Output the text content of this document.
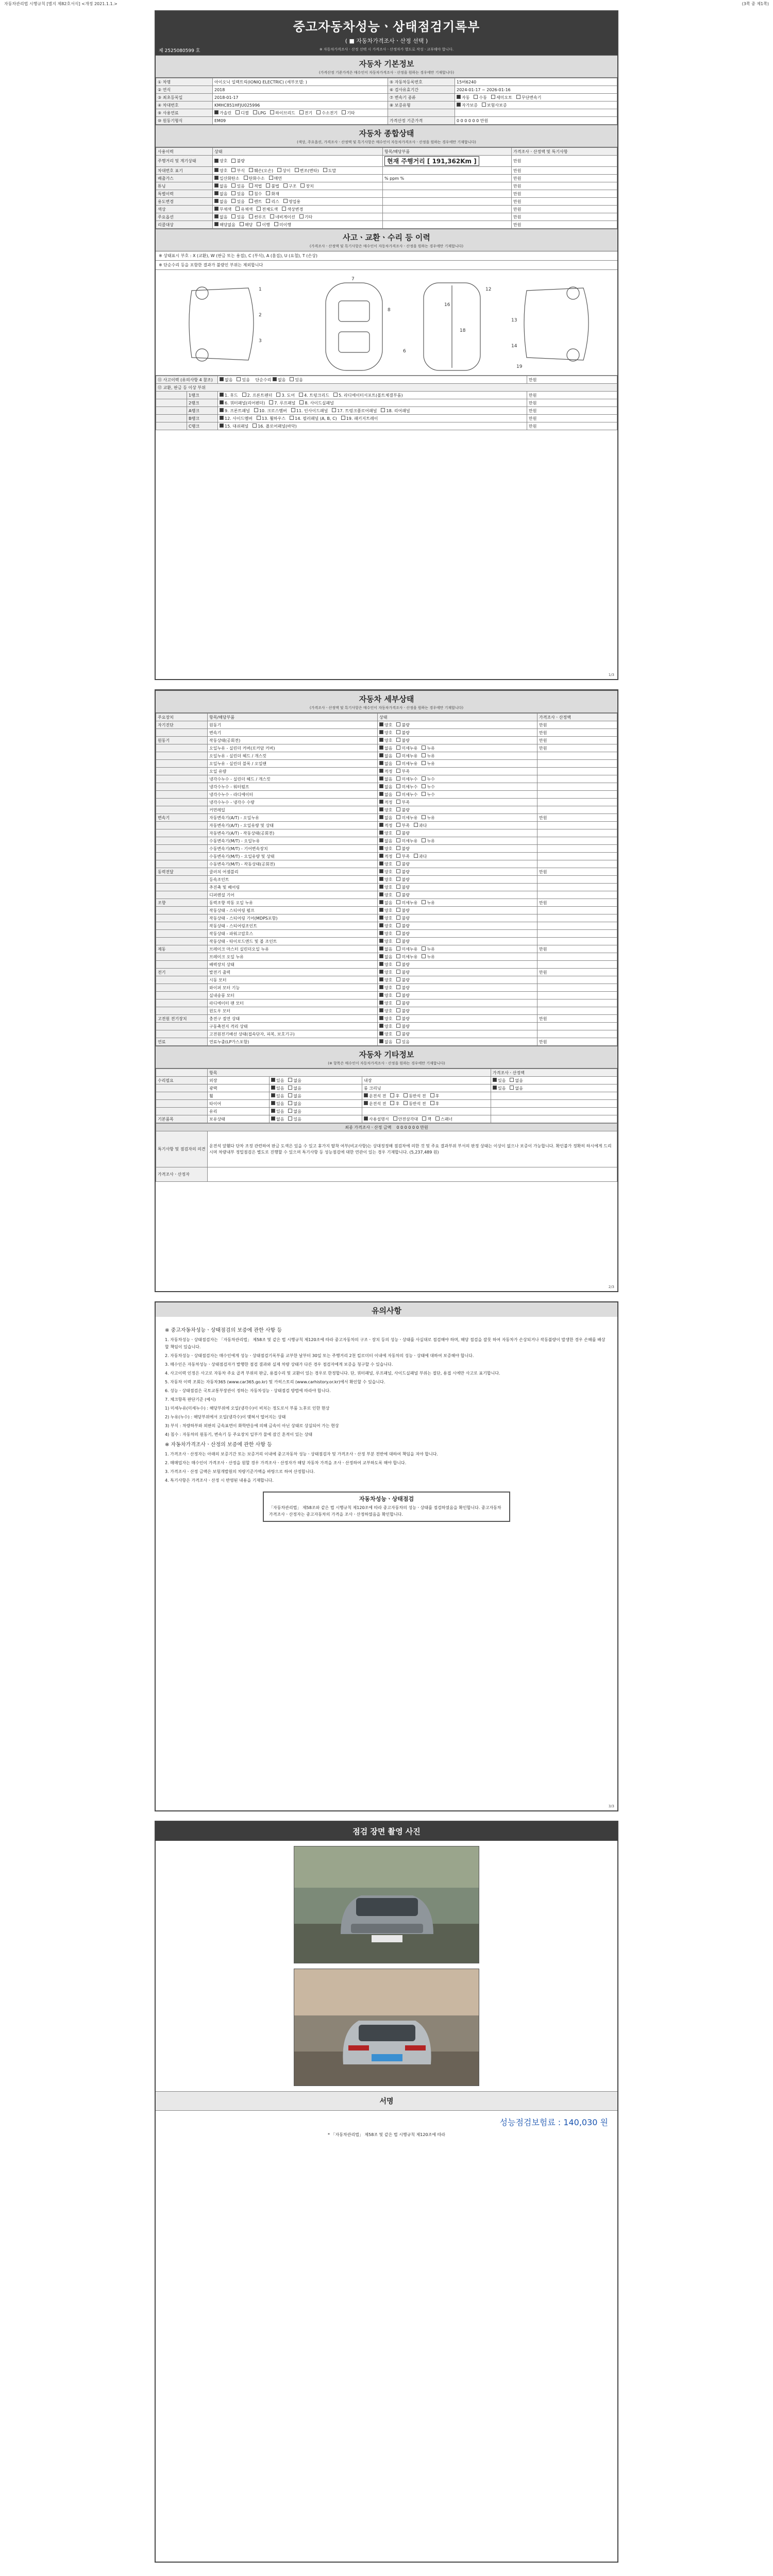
자동차관리법 시행규칙 [별지 제82호서식] <개정 2021.1.1.>	(3쪽 중 제1쪽)
중고자동차성능ㆍ상태점검기록부
( ■ 자동차가격조사ㆍ산정 선택 )
※ 자동차가격조사ㆍ산정 선택 시 가격조사ㆍ산정자가 별도로 작성ㆍ교부해야 합니다.
제 2525080599 호
자동차 기본정보
(가격산정 기준가격은 매수인이 자동차가격조사ㆍ산정을 원하는 경우에만 기재합니다)
① 차명	아이오닉 일렉트릭(IONIQ ELECTRIC) (세부모델: )	⑤ 자동차등록번호	15버6240
② 연식	2018	⑥ 검사유효기간	2024-01-17 ~ 2026-01-16
③ 최초등록일	2018-01-17	⑦ 변속기 종류	자동 수동 세미오토 무단변속기
④ 차대번호	KMHC851HFJU025996	⑧ 보증유형	자가보증 보험사보증
⑨ 사용연료	가솔린 디젤 LPG 하이브리드 전기 수소전기 기타		
⑩ 원동기형식	EM09	가격산정 기준가격	0 0 0 0 0 0 만원
자동차 종합상태
(색상, 주요옵션, 가격조사ㆍ산정액 및 특기사항은 매수인이 자동차가격조사ㆍ산정을 원하는 경우에만 기재합니다)
사용이력	상태	항목/해당부품	가격조사ㆍ산정액 및 특기사항
주행거리 및 계기상태	양호 불량	현재 주행거리 [ 191,362Km ]	만원
차대번호 표기	양호 부식 훼손(오손) 상이 변조(변타) 도말		만원
배출가스	일산화탄소 탄화수소 매연	% ppm %	만원
튜닝	없음 있음 적법 불법 구조 장치		만원
특별이력	없음 있음 침수 화재		만원
용도변경	없음 있음 렌트 리스 영업용		만원
색상	무채색 유채색 전체도색 색상변경		만원
주요옵션	없음 있음 썬루프 네비게이션 기타		만원
리콜대상	해당없음 해당 이행 미이행		만원
사고ㆍ교환ㆍ수리 등 이력
(가격조사ㆍ산정액 및 특기사항은 매수인이 자동차가격조사ㆍ산정을 원하는 경우에만 기재합니다)
※ 상태표시 부호 : X (교환), W (판금 또는 용접), C (부식), A (흠집), U (요철), T (손상)
※ 단순수리 등을 포함한 결과가 불량인 부위는 제외합니다
1
2
3
7
8
6
16
18
12
13
14
19
⑪ 사고이력 (유의사항 4 참조)		없음 있음 단순수리 없음 있음	만원
⑫ 교환, 판금 등 이상 부위			
	1랭크	1. 후드 2. 프론트펜더 3. 도어 4. 트렁크리드 5. 라디에이터서포트(볼트체결부품)	만원
	2랭크	6. 쿼터패널(리어펜더) 7. 루프패널 8. 사이드실패널	만원
	A랭크	9. 프론트패널 10. 크로스멤버 11. 인사이드패널 17. 트렁크플로어패널 18. 리어패널	만원
	B랭크	12. 사이드멤버 13. 휠하우스 14. 필러패널 (A, B, C) 19. 패키지트레이	만원
	C랭크	15. 대쉬패널 16. 플로어패널(바닥)	만원
1/3
자동차 세부상태
(가격조사ㆍ산정액 및 특기사항은 매수인이 자동차가격조사ㆍ산정을 원하는 경우에만 기재합니다)
주요장치	항목/해당부품	상태	가격조사ㆍ산정액
자기진단	원동기	양호 불량	만원
	변속기	양호 불량	만원
원동기	작동상태(공회전)	양호 불량	만원
	오일누유 - 실린더 커버(로커암 커버)	없음 미세누유 누유	만원
	오일누유 - 실린더 헤드 / 개스킷	없음 미세누유 누유	
	오일누유 - 실린더 블록 / 오일팬	없음 미세누유 누유	
	오일 유량	적정 부족	
	냉각수누수 - 실린더 헤드 / 개스킷	없음 미세누수 누수	
	냉각수누수 - 워터펌프	없음 미세누수 누수	
	냉각수누수 - 라디에이터	없음 미세누수 누수	
	냉각수누수 - 냉각수 수량	적정 부족	
	커먼레일	양호 불량	
변속기	자동변속기(A/T) - 오일누유	없음 미세누유 누유	만원
	자동변속기(A/T) - 오일유량 및 상태	적정 부족 과다	
	자동변속기(A/T) - 작동상태(공회전)	양호 불량	
	수동변속기(M/T) - 오일누유	없음 미세누유 누유	
	수동변속기(M/T) - 기어변속장치	양호 불량	
	수동변속기(M/T) - 오일유량 및 상태	적정 부족 과다	
	수동변속기(M/T) - 작동상태(공회전)	양호 불량	
동력전달	클러치 어셈블리	양호 불량	만원
	등속조인트	양호 불량	
	추진축 및 베어링	양호 불량	
	디퍼렌셜 기어	양호 불량	
조향	동력조향 작동 오일 누유	없음 미세누유 누유	만원
	작동상태 - 스티어링 펌프	양호 불량	
	작동상태 - 스티어링 기어(MDPS포함)	양호 불량	
	작동상태 - 스티어링조인트	양호 불량	
	작동상태 - 파워고압호스	양호 불량	
	작동상태 - 타이로드엔드 및 볼 조인트	양호 불량	
제동	브레이크 마스터 실린더오일 누유	없음 미세누유 누유	만원
	브레이크 오일 누유	없음 미세누유 누유	
	배력장치 상태	양호 불량	
전기	발전기 출력	양호 불량	만원
	시동 모터	양호 불량	
	와이퍼 모터 기능	양호 불량	
	실내송풍 모터	양호 불량	
	라디에이터 팬 모터	양호 불량	
	윈도우 모터	양호 불량	
고전원 전기장치	충전구 절연 상태	양호 불량	만원
	구동축전지 격리 상태	양호 불량	
	고전원전기배선 상태(접속단자, 피복, 보호기구)	양호 불량	
연료	연료누출(LP가스포함)	없음 있음	만원
자동차 기타정보
(※ 항목은 매수인이 자동차가격조사ㆍ산정을 원하는 경우에만 기재합니다)
	항목			가격조사ㆍ산정액
수리필요	외장	있음 없음	내장	있음 없음
	광택	있음 없음	룸 크리닝	있음 없음
	휠	있음 없음	운전석 전 후 동반석 전 후	
	타이어	있음 없음	운전석 전 후 동반석 전 후	
	유리	있음 없음		
기본품목	보유상태	없음 있음	사용설명서 안전삼각대 잭 스패너	
최종 가격조사ㆍ산정 금액 0 0 0 0 0 0 만원	
특기사항 및 점검자의 의견	운전석 앞휀다 단차 조정 관련하여 판금 도색은 있을 수 있고 휴가지 탈착 여부(비교사항)는 상대정정해 점검차에 의한 것 및 주요 결과부위 부서의 판정 상태는 이상이 없으나 보증이 가능합니다. 확인불가 정확히 하시에게 드리시며 차량내부 정밀점검은 별도로 진행할 수 있으며 특기사항 등 성능점검에 대한 연관이 있는 경우 기재합니다. (5,237,489 원)
가격조사ㆍ산정자	
2/3
유의사항
※ 중고자동차성능ㆍ상태점검의 보증에 관한 사항 등

1. 자동차성능ㆍ상태점검자는 「자동차관리법」 제58조 및 같은 법 시행규칙 제120조에 따라 중고자동차의 구조ㆍ장치 등의 성능ㆍ상태를 사실대로 점검해야 하며, 해당 점검을 잘못 하여 자동차가 손상되거나 작동불량이 발생한 경우 손해를 배상할 책임이 있습니다.

2. 자동차성능ㆍ상태점검자는 매수인에게 성능ㆍ상태점검기록부를 교부한 날부터 30일 또는 주행거리 2천 킬로미터 이내에 자동차의 성능ㆍ상태에 대하여 보증해야 합니다.

3. 매수인은 자동차성능ㆍ상태점검자가 발행한 점검 결과와 실제 차량 상태가 다른 경우 점검자에게 보증을 청구할 수 있습니다.

4. 사고이력 인정은 사고로 자동차 주요 골격 부위의 판금, 용접수리 및 교환이 있는 경우로 한정합니다. 단, 쿼터패널, 루프패널, 사이드실패널 부위는 절단, 용접 시에만 사고로 표기합니다.

5. 자동차 이력 조회는 자동차365 (www.car365.go.kr) 및 카히스토리 (www.carhistory.or.kr)에서 확인할 수 있습니다.

6. 성능ㆍ상태점검은 국토교통부장관이 정하는 자동차성능ㆍ상태점검 방법에 따라야 합니다.

7. 체크항목 판단기준 (예시)

1) 미세누유(미세누수) : 해당부위에 오일(냉각수)이 비치는 정도로서 부품 노후로 인한 현상

2) 누유(누수) : 해당부위에서 오일(냉각수)이 맺혀서 떨어지는 상태

3) 부식 : 차량하부와 외판의 금속표면이 화학반응에 의해 금속이 아닌 상태로 상실되어 가는 현상

4) 침수 : 자동차의 원동기, 변속기 등 주요장치 일부가 물에 잠긴 흔적이 있는 상태

※ 자동차가격조사ㆍ산정의 보증에 관한 사항 등

1. 가격조사ㆍ산정자는 아래의 보증기간 또는 보증거리 이내에 중고자동차 성능ㆍ상태점검자 및 가격조사ㆍ산정 부분 전반에 대하여 책임을 져야 합니다.

2. 매매업자는 매수인이 가격조사ㆍ산정을 원할 경우 가격조사ㆍ산정자가 해당 자동차 가격을 조사ㆍ산정하여 교부하도록 해야 합니다.

3. 가격조사ㆍ산정 금액은 보험개발원의 차량기준가액을 바탕으로 하여 산정합니다.

4. 특기사항은 가격조사ㆍ산정 시 반영된 내용을 기재합니다.

자동차성능ㆍ상태점검
「자동차관리법」 제58조와 같은 법 시행규칙 제120조에 따라 중고자동차의 성능ㆍ상태를 점검하였음을 확인합니다. 중고자동차 가격조사ㆍ산정자는 중고자동차의 가격을 조사ㆍ산정하였음을 확인합니다.
3/3
점검 장면 촬영 사진
서명
성능점검보험료 : 140,030 원
* 「자동차관리법」 제58조 및 같은 법 시행규칙 제120조에 따라
